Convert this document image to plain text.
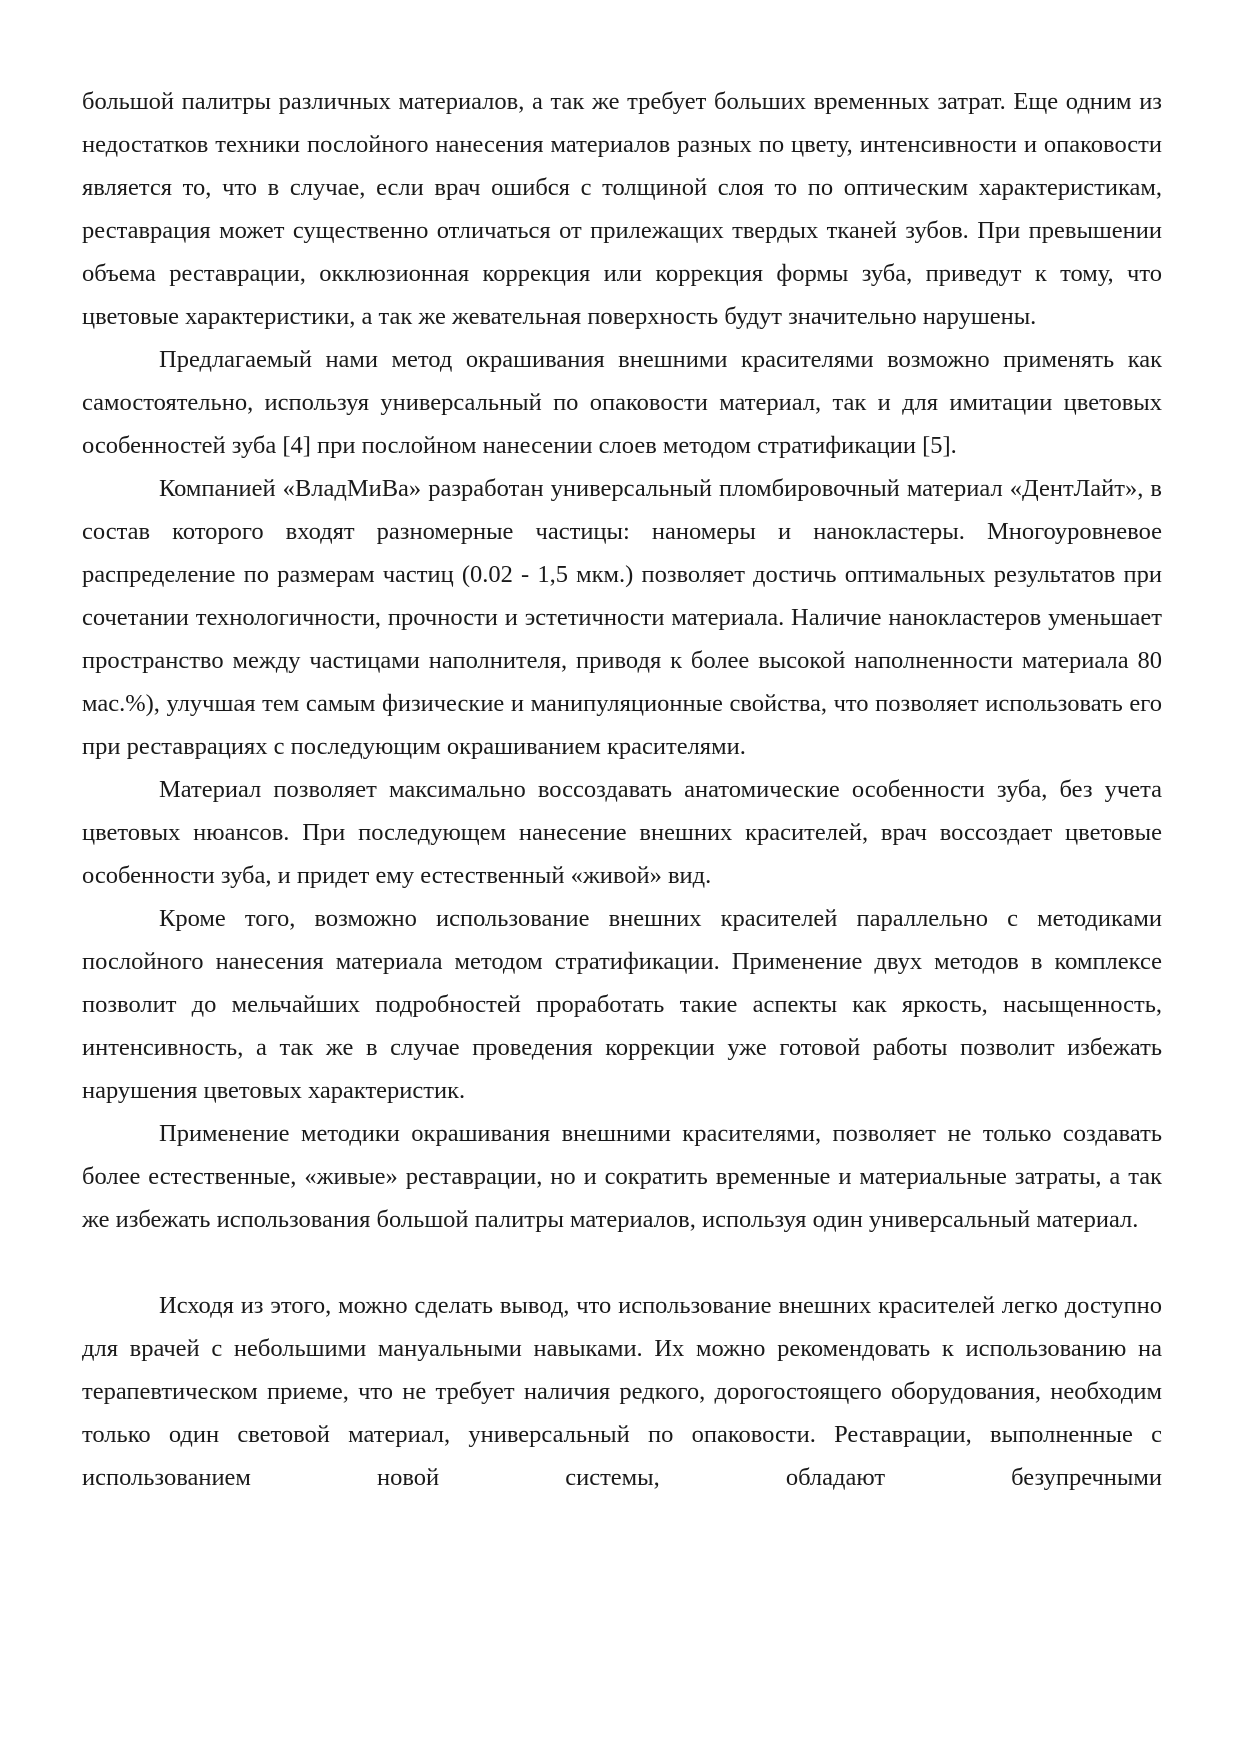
большой палитры различных материалов, а так же требует больших временных затрат. Еще одним из недостатков техники послойного нанесения материалов разных по цвету, интенсивности и опаковости является то, что в случае, если врач ошибся с толщиной слоя то по оптическим характеристикам, реставрация может существенно отличаться от прилежащих твердых тканей зубов. При превышении объема реставрации, окклюзионная коррекция или коррекция формы зуба, приведут к тому, что цветовые характеристики, а так же жевательная поверхность будут значительно нарушены.

Предлагаемый нами метод окрашивания внешними красителями возможно применять как самостоятельно, используя универсальный по опаковости материал, так и для имитации цветовых особенностей зуба [4] при послойном нанесении слоев методом стратификации [5].

Компанией «ВладМиВа» разработан универсальный пломбировочный материал «ДентЛайт», в состав которого входят разномерные частицы: наномеры и нанокластеры. Многоуровневое распределение по размерам частиц (0.02 - 1,5 мкм.) позволяет достичь оптимальных результатов при сочетании технологичности, прочности и эстетичности материала. Наличие нанокластеров уменьшает пространство между частицами наполнителя, приводя к более высокой наполненности материала 80 мас.%), улучшая тем самым физические и манипуляционные свойства, что позволяет использовать его при реставрациях с последующим окрашиванием красителями.

Материал позволяет максимально воссоздавать анатомические особенности зуба, без учета цветовых нюансов. При последующем нанесение внешних красителей, врач воссоздает цветовые особенности зуба, и придет ему естественный «живой» вид.

Кроме того, возможно использование внешних красителей параллельно с методиками послойного нанесения материала методом стратификации. Применение двух методов в комплексе позволит до мельчайших подробностей проработать такие аспекты как яркость, насыщенность, интенсивность, а так же в случае проведения коррекции уже готовой работы позволит избежать нарушения цветовых характеристик.

Применение методики окрашивания внешними красителями, позволяет не только создавать более естественные, «живые» реставрации, но и сократить временные и материальные затраты, а так же избежать использования большой палитры материалов, используя один универсальный материал.

Исходя из этого, можно сделать вывод, что использование внешних красителей легко доступно для врачей с небольшими мануальными навыками. Их можно рекомендовать к использованию на терапевтическом приеме, что не требует наличия редкого, дорогостоящего оборудования, необходим только один световой материал, универсальный по опаковости. Реставрации, выполненные с использованием новой системы, обладают безупречными
